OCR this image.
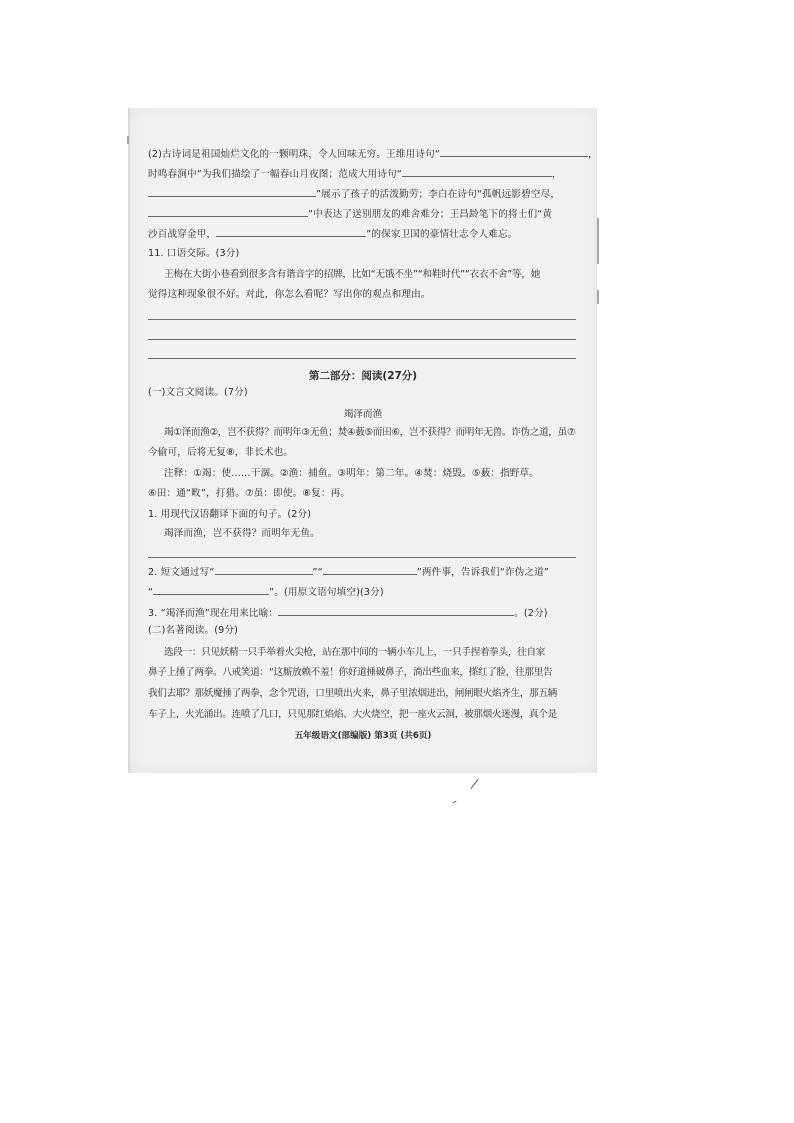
(2)古诗词是祖国灿烂文化的一颗明珠，令人回味无穷。王维用诗句“	，
时鸣春涧中”为我们描绘了一幅春山月夜图；范成大用诗句“	，
”展示了孩子的活泼勤劳；李白在诗句“孤帆远影碧空尽，
”中表达了送别朋友的难舍难分；王昌龄笔下的将士们“黄
沙百战穿金甲，	”的保家卫国的豪情壮志令人难忘。
11. 口语交际。(3分)
王梅在大街小巷看到很多含有谐音字的招牌，比如“无饿不坐”“和鞋时代”“衣衣不舍”等，她
觉得这种现象很不好。对此，你怎么看呢？写出你的观点和理由。
第二部分：阅读(27分)
(一)文言文阅读。(7分)
竭泽而渔
竭①泽而渔②，岂不获得？而明年③无鱼；焚④薮⑤而田⑥，岂不获得？而明年无兽。诈伪之道，虽⑦
今偷可，后将无复⑧，非长术也。
注释：①竭：使……干涸。②渔：捕鱼。③明年：第二年。④焚：烧毁。⑤薮：指野草。
⑥田：通“畋”，打猎。⑦虽：即使。⑧复：再。
1. 用现代汉语翻译下面的句子。(2分)
竭泽而渔，岂不获得？而明年无鱼。
2. 短文通过写“	”“	”两件事，告诉我们“诈伪之道”
“	”。(用原文语句填空)(3分)
3. “竭泽而渔”现在用来比喻：	。(2分)
(二)名著阅读。(9分)
选段一：只见妖精一只手举着火尖枪，站在那中间的一辆小车儿上，一只手捏着拳头，往自家
鼻子上捶了两拳。八戒笑道：“这厮放赖不羞！你好道捶破鼻子，淌出些血来，搽红了脸，往那里告
我们去耶？那妖魔捶了两拳，念个咒语，口里喷出火来，鼻子里浓烟迸出，闸闸眼火焰齐生，那五辆
车子上，火光涌出。连喷了几口，只见那红焰焰、大火烧空，把一座火云洞，被那烟火迷漫，真个是
五年级语文(部编版) 第3页 (共6页)
